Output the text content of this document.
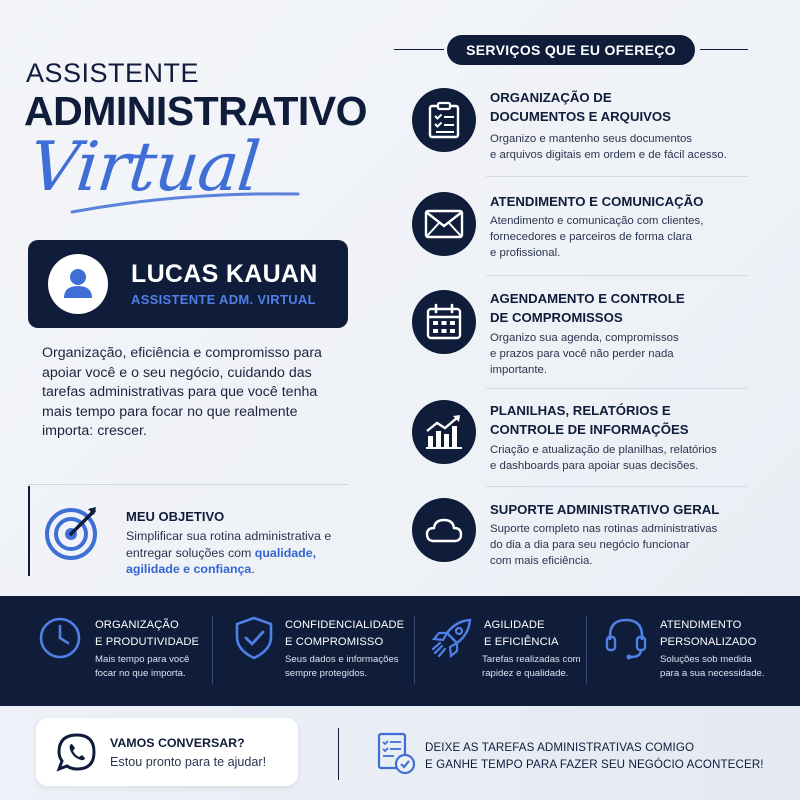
ASSISTENTE
ADMINISTRATIVO
Virtual
LUCAS KAUAN
ASSISTENTE ADM. VIRTUAL
Organização, eficiência e compromisso para apoiar você e o seu negócio, cuidando das tarefas administrativas para que você tenha mais tempo para focar no que realmente importa: crescer.
MEU OBJETIVO
Simplificar sua rotina administrativa e entregar soluções com qualidade, agilidade e confiança.
SERVIÇOS QUE EU OFEREÇO
ORGANIZAÇÃO DE
DOCUMENTOS E ARQUIVOS
Organizo e mantenho seus documentos
e arquivos digitais em ordem e de fácil acesso.
ATENDIMENTO E COMUNICAÇÃO
Atendimento e comunicação com clientes,
fornecedores e parceiros de forma clara
e profissional.
AGENDAMENTO E CONTROLE
DE COMPROMISSOS
Organizo sua agenda, compromissos
e prazos para você não perder nada
importante.
PLANILHAS, RELATÓRIOS E
CONTROLE DE INFORMAÇÕES
Criação e atualização de planilhas, relatórios
e dashboards para apoiar suas decisões.
SUPORTE ADMINISTRATIVO GERAL
Suporte completo nas rotinas administrativas
do dia a dia para seu negócio funcionar
com mais eficiência.
ORGANIZAÇÃO
E PRODUTIVIDADE
Mais tempo para você
focar no que importa.
CONFIDENCIALIDADE
E COMPROMISSO
Seus dados e informações
sempre protegidos.
AGILIDADE
E EFICIÊNCIA
Tarefas realizadas com
rapidez e qualidade.
ATENDIMENTO
PERSONALIZADO
Soluções sob medida
para a sua necessidade.
VAMOS CONVERSAR?
Estou pronto para te ajudar!
DEIXE AS TAREFAS ADMINISTRATIVAS COMIGO
E GANHE TEMPO PARA FAZER SEU NEGÓCIO ACONTECER!
